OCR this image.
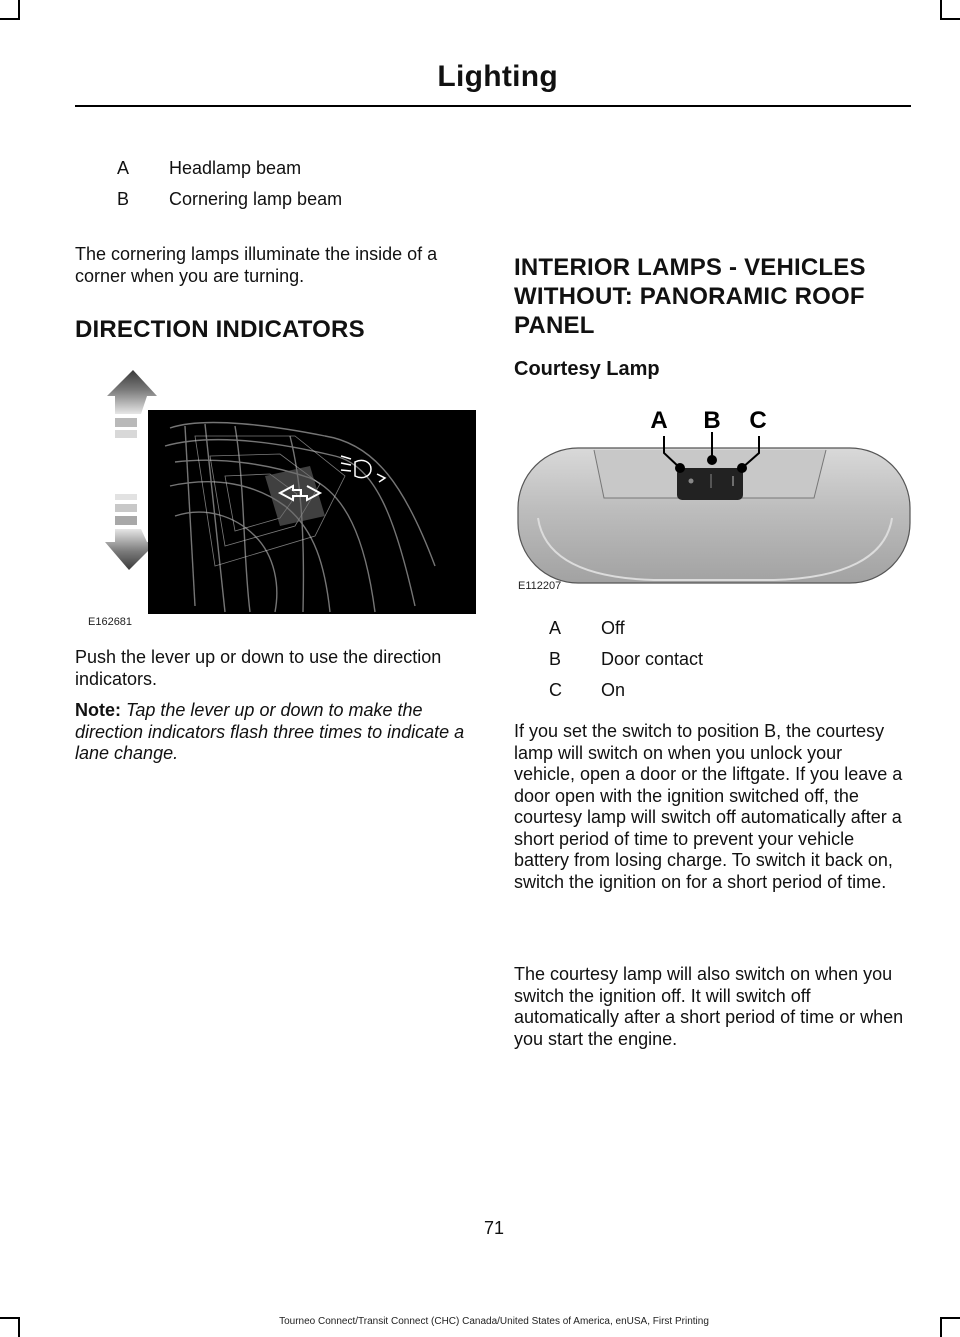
Lighting
A Headlamp beam
B Cornering lamp beam

The cornering lamps illuminate the inside of a corner when you are turning.

DIRECTION INDICATORS
E162681

Push the lever up or down to use the direction indicators.

Note: Tap the lever up or down to make the direction indicators flash three times to indicate a lane change.

INTERIOR LAMPS - VEHICLES
WITHOUT: PANORAMIC ROOF
PANEL
Courtesy Lamp
A B C
E112207
A Off
B Door contact
C On

If you set the switch to position B, the courtesy lamp will switch on when you unlock your vehicle, open a door or the liftgate. If you leave a door open with the ignition switched off, the courtesy lamp will switch off automatically after a short period of time to prevent your vehicle battery from losing charge. To switch it back on, switch the ignition on for a short period of time.

The courtesy lamp will also switch on when you switch the ignition off. It will switch off automatically after a short period of time or when you start the engine.

71
Tourneo Connect/Transit Connect (CHC) Canada/United States of America, enUSA, First Printing
